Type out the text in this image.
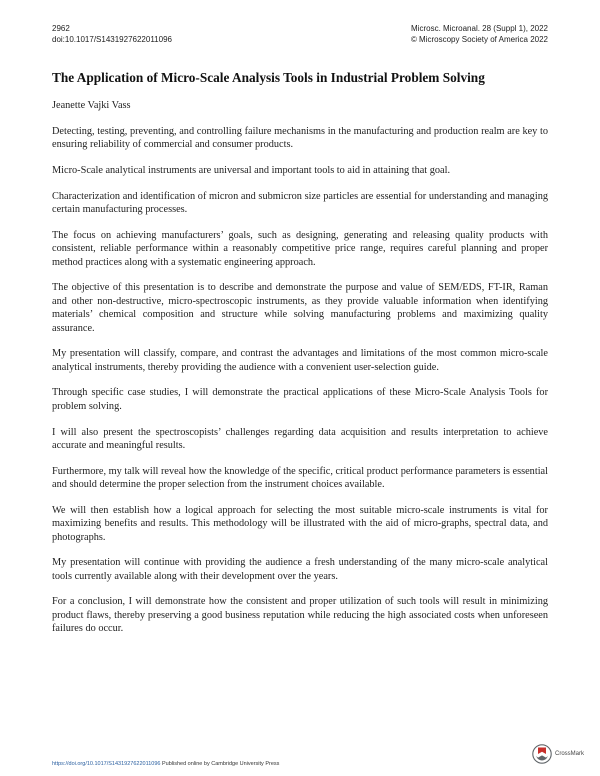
2962
doi:10.1017/S1431927622011096
Microsc. Microanal. 28 (Suppl 1), 2022
© Microscopy Society of America 2022
The Application of Micro-Scale Analysis Tools in Industrial Problem Solving
Jeanette Vajki Vass

Detecting, testing, preventing, and controlling failure mechanisms in the manufacturing and production realm are key to ensuring reliability of commercial and consumer products.

Micro-Scale analytical instruments are universal and important tools to aid in attaining that goal.

Characterization and identification of micron and submicron size particles are essential for understanding and managing certain manufacturing processes.

The focus on achieving manufacturers’ goals, such as designing, generating and releasing quality products with consistent, reliable performance within a reasonably competitive price range, requires careful planning and proper method practices along with a systematic engineering approach.

The objective of this presentation is to describe and demonstrate the purpose and value of SEM/EDS, FT-IR, Raman and other non-destructive, micro-spectroscopic instruments, as they provide valuable information when identifying materials’ chemical composition and structure while solving manufacturing problems and maximizing quality assurance.

My presentation will classify, compare, and contrast the advantages and limitations of the most common micro-scale analytical instruments, thereby providing the audience with a convenient user-selection guide.

Through specific case studies, I will demonstrate the practical applications of these Micro-Scale Analysis Tools for problem solving.

I will also present the spectroscopists’ challenges regarding data acquisition and results interpretation to achieve accurate and meaningful results.

Furthermore, my talk will reveal how the knowledge of the specific, critical product performance parameters is essential and should determine the proper selection from the instrument choices available.

We will then establish how a logical approach for selecting the most suitable micro-scale instruments is vital for maximizing benefits and results. This methodology will be illustrated with the aid of micro-graphs, spectral data, and photographs.

My presentation will continue with providing the audience a fresh understanding of the many micro-scale analytical tools currently available along with their development over the years.

For a conclusion, I will demonstrate how the consistent and proper utilization of such tools will result in minimizing product flaws, thereby preserving a good business reputation while reducing the high associated costs when unforeseen failures do occur.

https://doi.org/10.1017/S1431927622011096 Published online by Cambridge University Press
CrossMark
